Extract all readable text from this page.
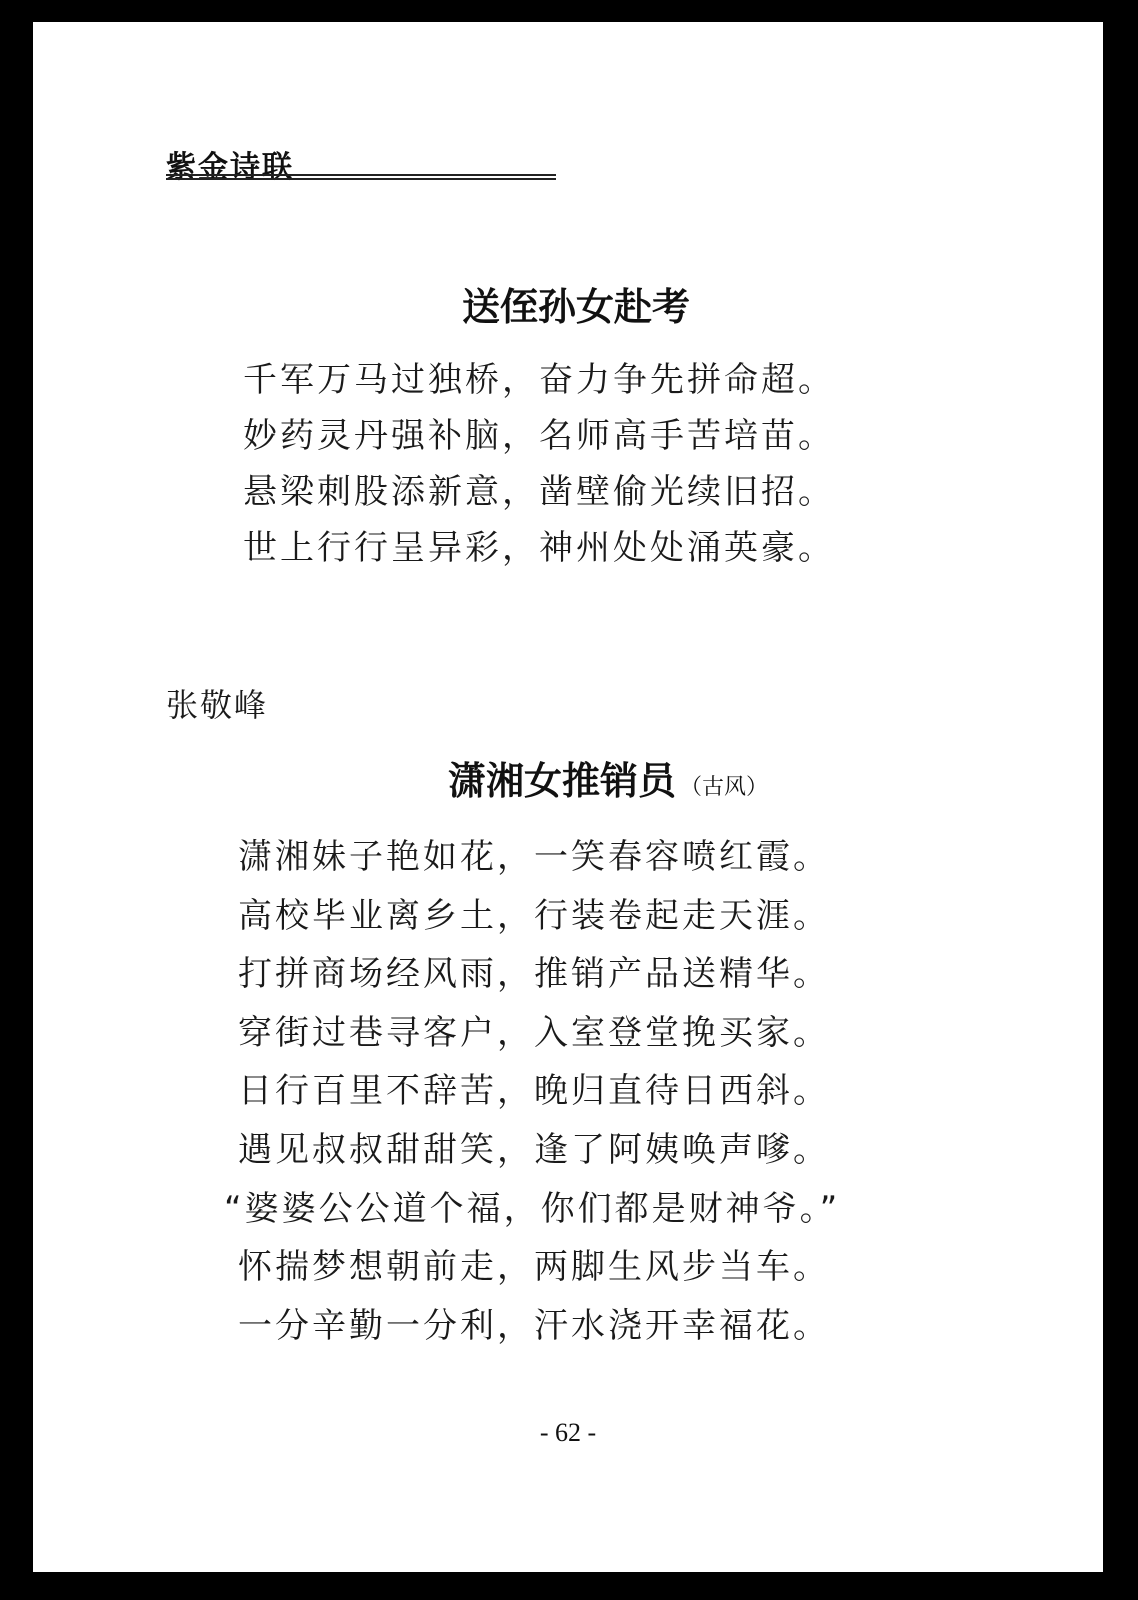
紫金诗联
送侄孙女赴考
千军万马过独桥，奋力争先拼命超。
妙药灵丹强补脑，名师高手苦培苗。
悬梁刺股添新意，凿壁偷光续旧招。
世上行行呈异彩，神州处处涌英豪。
张敬峰
潇湘女推销员 （古风）
潇湘妹子艳如花，一笑春容喷红霞。
高校毕业离乡土，行装卷起走天涯。
打拼商场经风雨，推销产品送精华。
穿街过巷寻客户，入室登堂挽买家。
日行百里不辞苦，晚归直待日西斜。
遇见叔叔甜甜笑，逢了阿姨唤声嗲。
“婆婆公公道个福，你们都是财神爷。”
怀揣梦想朝前走，两脚生风步当车。
一分辛勤一分利，汗水浇开幸福花。
- 62 -
